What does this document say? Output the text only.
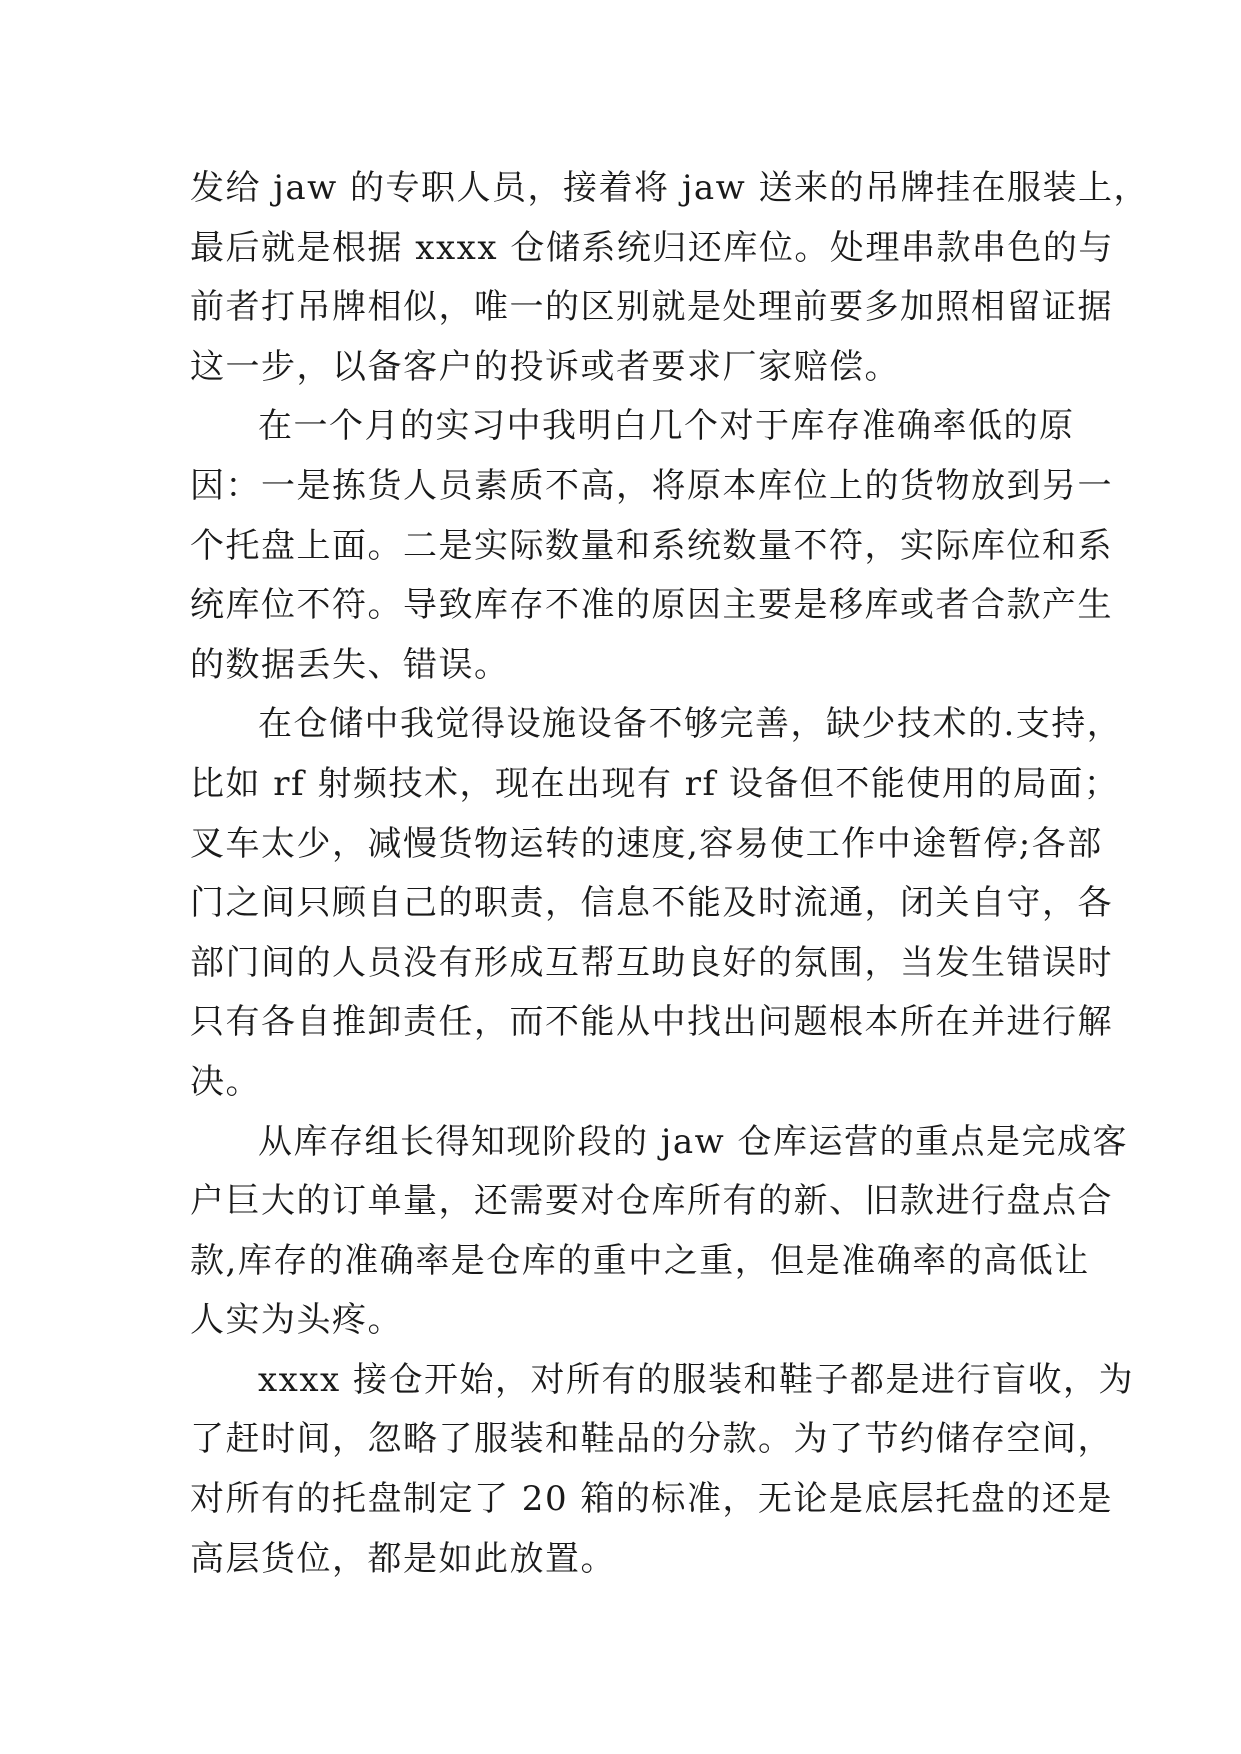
发给 jaw 的专职人员，接着将 jaw 送来的吊牌挂在服装上，
最后就是根据 xxxx 仓储系统归还库位。处理串款串色的与
前者打吊牌相似，唯一的区别就是处理前要多加照相留证据
这一步，以备客户的投诉或者要求厂家赔偿。
在一个月的实习中我明白几个对于库存准确率低的原
因：一是拣货人员素质不高，将原本库位上的货物放到另一
个托盘上面。二是实际数量和系统数量不符，实际库位和系
统库位不符。导致库存不准的原因主要是移库或者合款产生
的数据丢失、错误。
在仓储中我觉得设施设备不够完善，缺少技术的.支持，
比如 rf 射频技术，现在出现有 rf 设备但不能使用的局面；
叉车太少，减慢货物运转的速度,容易使工作中途暂停;各部
门之间只顾自己的职责，信息不能及时流通，闭关自守，各
部门间的人员没有形成互帮互助良好的氛围，当发生错误时
只有各自推卸责任，而不能从中找出问题根本所在并进行解
决。
从库存组长得知现阶段的 jaw 仓库运营的重点是完成客
户巨大的订单量，还需要对仓库所有的新、旧款进行盘点合
款,库存的准确率是仓库的重中之重，但是准确率的高低让
人实为头疼。
xxxx 接仓开始，对所有的服装和鞋子都是进行盲收，为
了赶时间，忽略了服装和鞋品的分款。为了节约储存空间，
对所有的托盘制定了 20 箱的标准，无论是底层托盘的还是
高层货位，都是如此放置。
